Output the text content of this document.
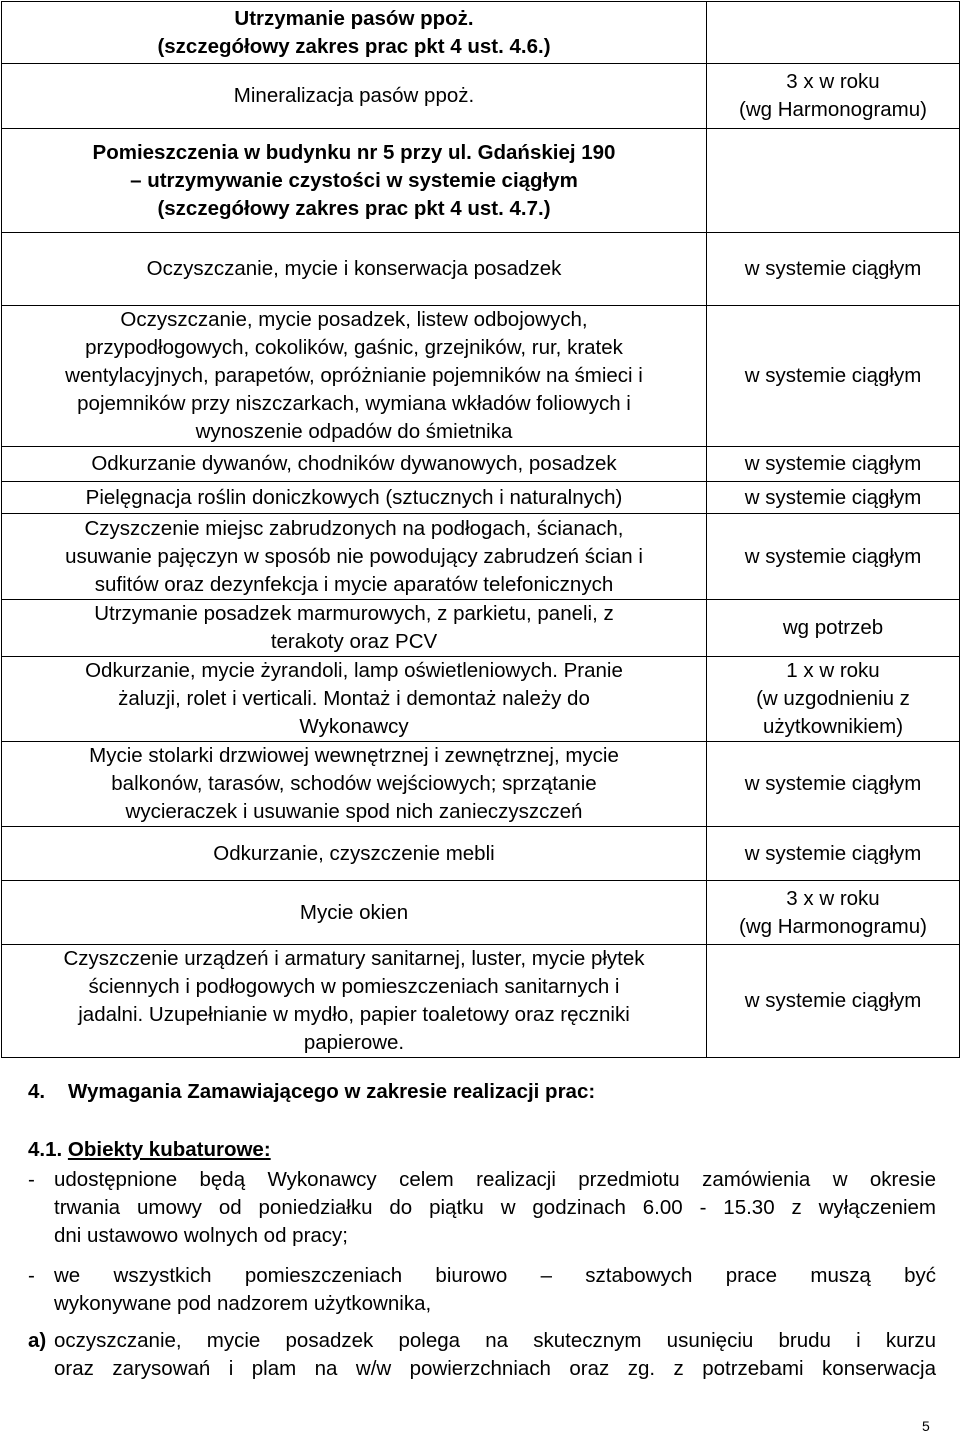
Utrzymanie pasów ppoż.
(szczegółowy zakres prac pkt 4 ust. 4.6.)	

Mineralizacja pasów ppoż.	3 x w roku
(wg Harmonogramu)

Pomieszczenia w budynku nr 5 przy ul. Gdańskiej 190
– utrzymywanie czystości w systemie ciągłym
(szczegółowy zakres prac pkt 4 ust. 4.7.)	

Oczyszczanie, mycie i konserwacja posadzek	w systemie ciągłym

Oczyszczanie, mycie posadzek, listew odbojowych,
przypodłogowych, cokolików, gaśnic, grzejników, rur, kratek
wentylacyjnych, parapetów, opróżnianie pojemników na śmieci i
pojemników przy niszczarkach, wymiana wkładów foliowych i
wynoszenie odpadów do śmietnika	w systemie ciągłym

Odkurzanie dywanów, chodników dywanowych, posadzek	w systemie ciągłym

Pielęgnacja roślin doniczkowych (sztucznych i naturalnych)	w systemie ciągłym

Czyszczenie miejsc zabrudzonych na podłogach, ścianach,
usuwanie pajęczyn w sposób nie powodujący zabrudzeń ścian i
sufitów oraz dezynfekcja i mycie aparatów telefonicznych	w systemie ciągłym

Utrzymanie posadzek marmurowych, z parkietu, paneli, z
terakoty oraz PCV	wg potrzeb

Odkurzanie, mycie żyrandoli, lamp oświetleniowych. Pranie
żaluzji, rolet i verticali. Montaż i demontaż należy do
Wykonawcy	1 x w roku
(w uzgodnieniu z
użytkownikiem)

Mycie stolarki drzwiowej wewnętrznej i zewnętrznej, mycie
balkonów, tarasów, schodów wejściowych; sprzątanie
wycieraczek i usuwanie spod nich zanieczyszczeń	w systemie ciągłym

Odkurzanie, czyszczenie mebli	w systemie ciągłym

Mycie okien	3 x w roku
(wg Harmonogramu)

Czyszczenie urządzeń i armatury sanitarnej, luster, mycie płytek
ściennych i podłogowych w pomieszczeniach sanitarnych i
jadalni. Uzupełnianie w mydło, papier toaletowy oraz ręczniki
papierowe.	w systemie ciągłym

4. Wymagania Zamawiającego w zakresie realizacji prac:

4.1. Obiekty kubaturowe:

- udostępnione będą Wykonawcy celem realizacji przedmiotu zamówienia w okresie
trwania umowy od poniedziałku do piątku w godzinach 6.00 - 15.30 z wyłączeniem
dni ustawowo wolnych od pracy;
- we wszystkich pomieszczeniach biurowo – sztabowych prace muszą być
wykonywane pod nadzorem użytkownika,
a) oczyszczanie, mycie posadzek polega na skutecznym usunięciu brudu i kurzu
oraz zarysowań i plam na w/w powierzchniach oraz zg. z potrzebami konserwacja
5
